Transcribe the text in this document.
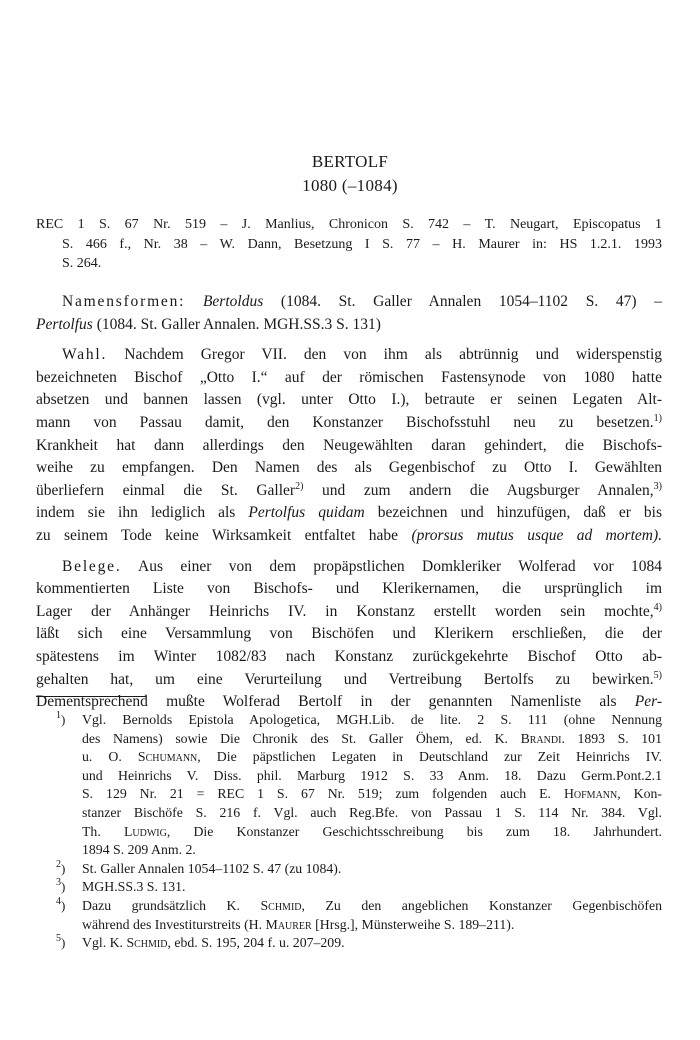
BERTOLF
1080 (–1084)
REC 1 S. 67 Nr. 519 – J. Manlius, Chronicon S. 742 – T. Neugart, Episcopatus 1
S. 466 f., Nr. 38 – W. Dann, Besetzung I S. 77 – H. Maurer in: HS 1.2.1. 1993
S. 264.
Namensformen: Bertoldus (1084. St. Galler Annalen 1054–1102 S. 47) –
Pertolfus (1084. St. Galler Annalen. MGH.SS.3 S. 131)
Wahl. Nachdem Gregor VII. den von ihm als abtrünnig und widerspenstig
bezeichneten Bischof „Otto I.“ auf der römischen Fastensynode von 1080 hatte
absetzen und bannen lassen (vgl. unter Otto I.), betraute er seinen Legaten Alt-
mann von Passau damit, den Konstanzer Bischofsstuhl neu zu besetzen.$^{1)}$
Krankheit hat dann allerdings den Neugewählten daran gehindert, die Bischofs-
weihe zu empfangen. Den Namen des als Gegenbischof zu Otto I. Gewählten
überliefern einmal die St. Galler$^{2)}$ und zum andern die Augsburger Annalen,$^{3)}$
indem sie ihn lediglich als Pertolfus quidam bezeichnen und hinzufügen, daß er bis
zu seinem Tode keine Wirksamkeit entfaltet habe (prorsus mutus usque ad mortem).
Belege. Aus einer von dem propäpstlichen Domkleriker Wolferad vor 1084
kommentierten Liste von Bischofs- und Klerikernamen, die ursprünglich im
Lager der Anhänger Heinrichs IV. in Konstanz erstellt worden sein mochte,$^{4)}$
läßt sich eine Versammlung von Bischöfen und Klerikern erschließen, die der
spätestens im Winter 1082/83 nach Konstanz zurückgekehrte Bischof Otto ab-
gehalten hat, um eine Verurteilung und Vertreibung Bertolfs zu bewirken.$^{5)}$
Dementsprechend mußte Wolferad Bertolf in der genannten Namenliste als Per-
$^1$) Vgl. Bernolds Epistola Apologetica, MGH.Lib. de lite. 2 S. 111 (ohne Nennung
des Namens) sowie Die Chronik des St. Galler Öhem, ed. K. Brandi. 1893 S. 101
u. O. Schumann, Die päpstlichen Legaten in Deutschland zur Zeit Heinrichs IV.
und Heinrichs V. Diss. phil. Marburg 1912 S. 33 Anm. 18. Dazu Germ.Pont.2.1
S. 129 Nr. 21 = REC 1 S. 67 Nr. 519; zum folgenden auch E. Hofmann, Kon-
stanzer Bischöfe S. 216 f. Vgl. auch Reg.Bfe. von Passau 1 S. 114 Nr. 384. Vgl.
Th. Ludwig, Die Konstanzer Geschichtsschreibung bis zum 18. Jahrhundert.
1894 S. 209 Anm. 2.
$^2$) St. Galler Annalen 1054–1102 S. 47 (zu 1084).
$^3$) MGH.SS.3 S. 131.
$^4$) Dazu grundsätzlich K. Schmid, Zu den angeblichen Konstanzer Gegenbischöfen
während des Investiturstreits (H. Maurer [Hrsg.], Münsterweihe S. 189–211).
$^5$) Vgl. K. Schmid, ebd. S. 195, 204 f. u. 207–209.
